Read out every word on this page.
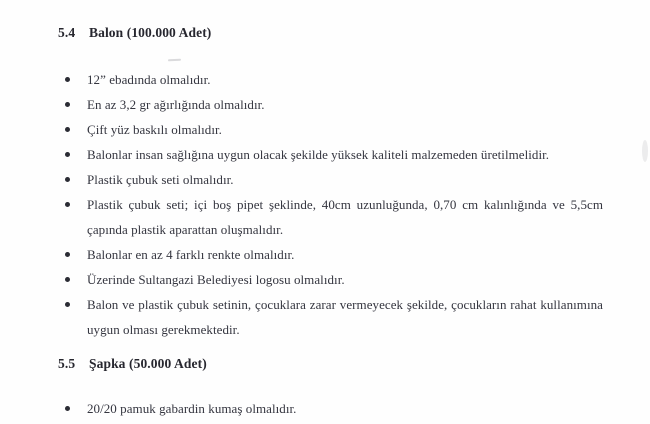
5.4	Balon (100.000 Adet)
12” ebadında olmalıdır.
En az 3,2 gr ağırlığında olmalıdır.
Çift yüz baskılı olmalıdır.
Balonlar insan sağlığına uygun olacak şekilde yüksek kaliteli malzemeden üretilmelidir.
Plastik çubuk seti olmalıdır.
Plastik çubuk seti; içi boş pipet şeklinde, 40cm uzunluğunda, 0,70 cm kalınlığında ve 5,5cm çapında plastik aparattan oluşmalıdır.
Balonlar en az 4 farklı renkte olmalıdır.
Üzerinde Sultangazi Belediyesi logosu olmalıdır.
Balon ve plastik çubuk setinin, çocuklara zarar vermeyecek şekilde, çocukların rahat kullanımına uygun olması gerekmektedir.
5.5	Şapka (50.000 Adet)
20/20 pamuk gabardin kumaş olmalıdır.
